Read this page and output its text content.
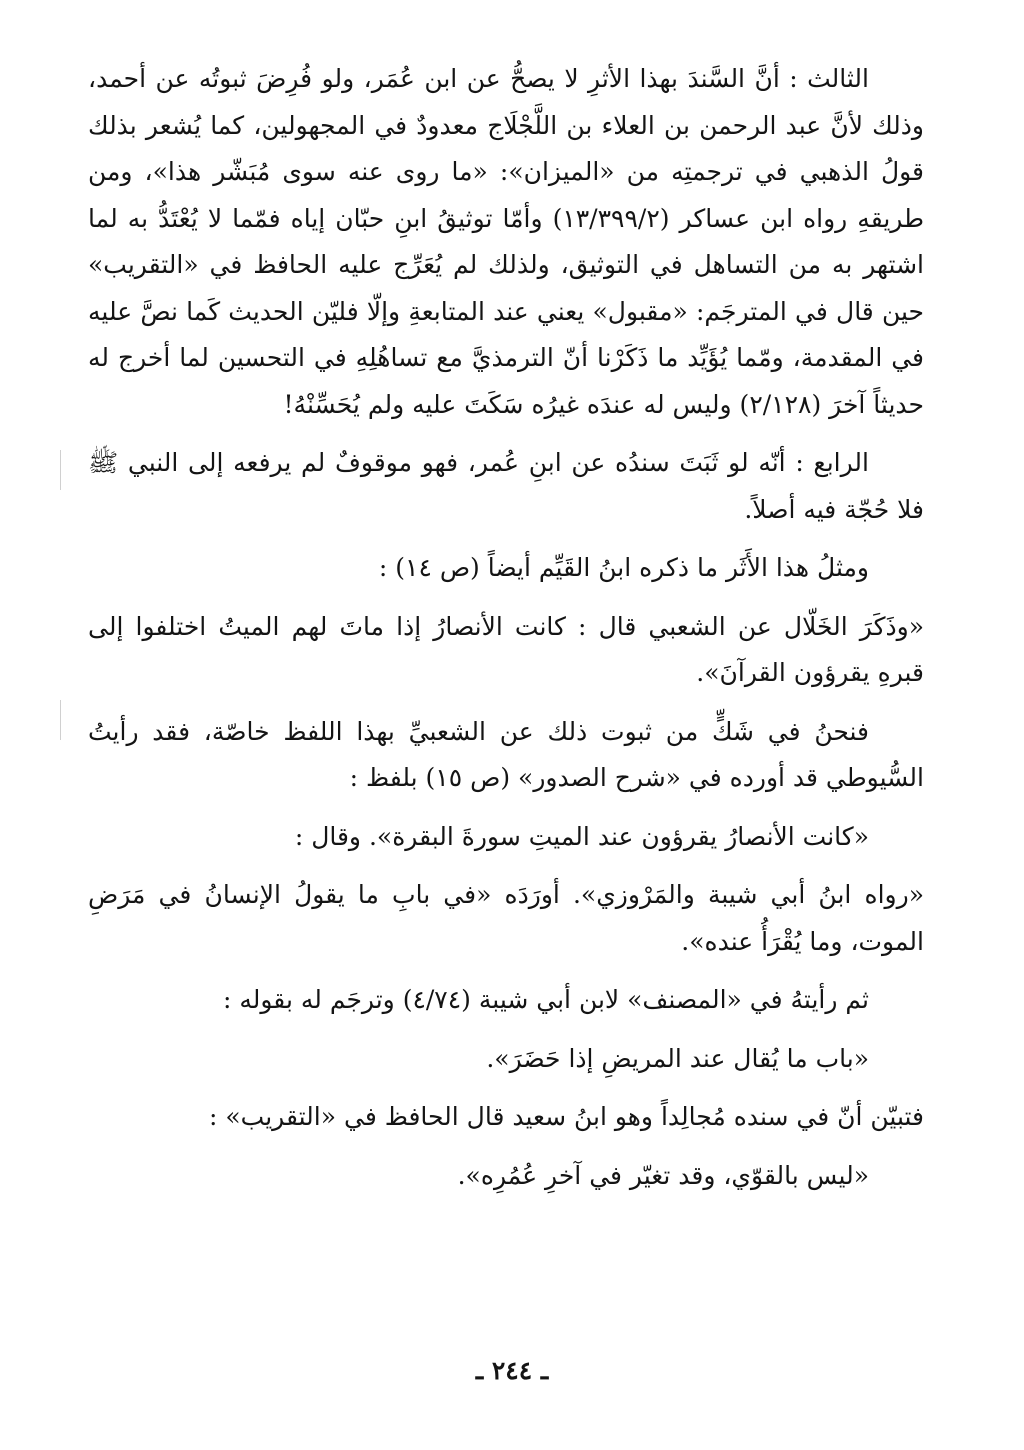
الثالث : أنَّ السَّندَ بهذا الأثرِ لا يصحُّ عن ابن عُمَر، ولو فُرِضَ ثبوتُه عن أحمد، وذلك لأنَّ عبد الرحمن بن العلاء بن اللَّجْلَاج معدودٌ في المجهولين، كما يُشعر بذلك قولُ الذهبي في ترجمتِه من «الميزان»: «ما روى عنه سوى مُبَشّر هذا»، ومن طريقهِ رواه ابن عساكر (١٣/٣٩٩/٢) وأمّا توثيقُ ابنِ حبّان إياه فمّما لا يُعْتَدُّ به لما اشتهر به من التساهل في التوثيق، ولذلك لم يُعَرِّج عليه الحافظ في «التقريب» حين قال في المترجَم: «مقبول» يعني عند المتابعةِ وإلّا فليّن الحديث كَما نصَّ عليه في المقدمة، ومّما يُؤَيِّد ما ذَكَرْنا أنّ الترمذيَّ مع تساهُلِهِ في التحسين لما أخرج له حديثاً آخرَ (٢/١٢٨) وليس له عندَه غيرُه سَكَتَ عليه ولم يُحَسِّنْهُ!

الرابع : أنّه لو ثَبَتَ سندُه عن ابنِ عُمر، فهو موقوفٌ لم يرفعه إلى النبي ﷺ فلا حُجّة فيه أصلاً.

ومثلُ هذا الأَثَر ما ذكره ابنُ القَيِّم أيضاً (ص ١٤) :

«وذَكَرَ الخَلّال عن الشعبي قال : كانت الأنصارُ إذا ماتَ لهم الميتُ اختلفوا إلى قبرهِ يقرؤون القرآنَ».

فنحنُ في شَكٍّ من ثبوت ذلك عن الشعبيِّ بهذا اللفظ خاصّة، فقد رأيتُ السُّيوطي قد أورده في «شرح الصدور» (ص ١٥) بلفظ :

«كانت الأنصارُ يقرؤون عند الميتِ سورةَ البقرة». وقال :

«رواه ابنُ أبي شيبة والمَرْوزي». أورَدَه «في بابِ ما يقولُ الإنسانُ في مَرَضِ الموت، وما يُقْرَأُ عنده».

ثم رأيتهُ في «المصنف» لابن أبي شيبة (٤/٧٤) وترجَم له بقوله :

«باب ما يُقال عند المريضِ إذا حَضَرَ».

فتبيّن أنّ في سنده مُجالِداً وهو ابنُ سعيد قال الحافظ في «التقريب» :

«ليس بالقوّي، وقد تغيّر في آخرِ عُمُرِه».

ـ ٢٤٤ ـ
